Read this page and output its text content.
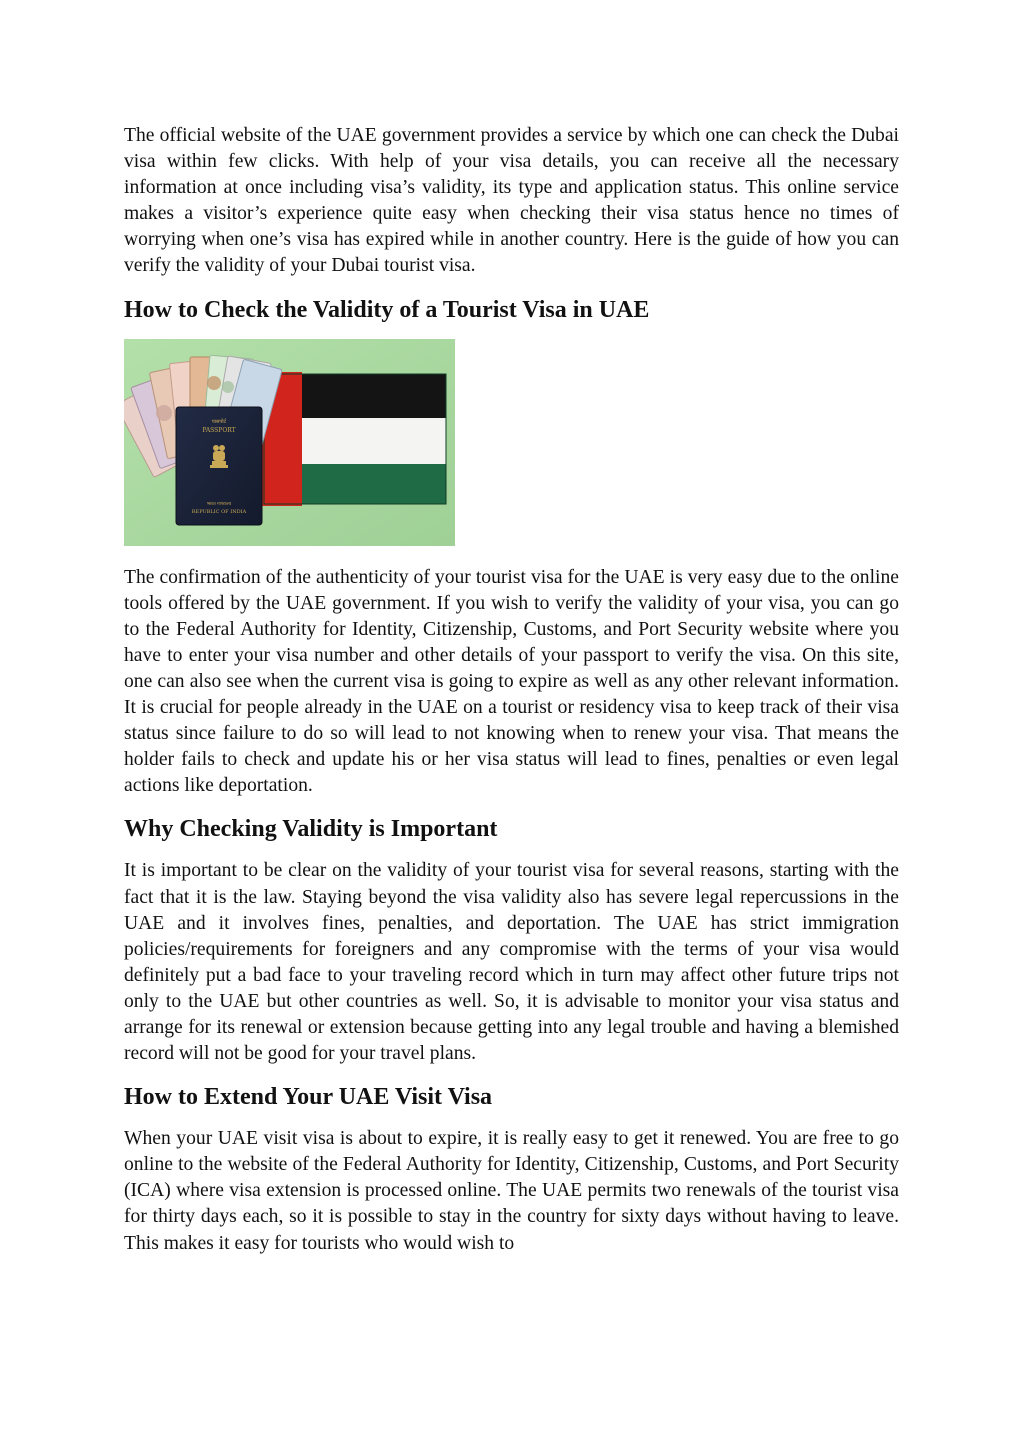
The official website of the UAE government provides a service by which one can check the Dubai visa within few clicks. With help of your visa details, you can receive all the necessary information at once including visa’s validity, its type and application status. This online service makes a visitor’s experience quite easy when checking their visa status hence no times of worrying when one’s visa has expired while in another country. Here is the guide of how you can verify the validity of your Dubai tourist visa.

How to Check the Validity of a Tourist Visa in UAE
पासपोर्ट
PASSPORT
भारत गणराज्य
REPUBLIC OF INDIA

The confirmation of the authenticity of your tourist visa for the UAE is very easy due to the online tools offered by the UAE government. If you wish to verify the validity of your visa, you can go to the Federal Authority for Identity, Citizenship, Customs, and Port Security website where you have to enter your visa number and other details of your passport to verify the visa. On this site, one can also see when the current visa is going to expire as well as any other relevant information. It is crucial for people already in the UAE on a tourist or residency visa to keep track of their visa status since failure to do so will lead to not knowing when to renew your visa. That means the holder fails to check and update his or her visa status will lead to fines, penalties or even legal actions like deportation.

Why Checking Validity is Important

It is important to be clear on the validity of your tourist visa for several reasons, starting with the fact that it is the law. Staying beyond the visa validity also has severe legal repercussions in the UAE and it involves fines, penalties, and deportation. The UAE has strict immigration policies/requirements for foreigners and any compromise with the terms of your visa would definitely put a bad face to your traveling record which in turn may affect other future trips not only to the UAE but other countries as well. So, it is advisable to monitor your visa status and arrange for its renewal or extension because getting into any legal trouble and having a blemished record will not be good for your travel plans.

How to Extend Your UAE Visit Visa

When your UAE visit visa is about to expire, it is really easy to get it renewed. You are free to go online to the website of the Federal Authority for Identity, Citizenship, Customs, and Port Security (ICA) where visa extension is processed online. The UAE permits two renewals of the tourist visa for thirty days each, so it is possible to stay in the country for sixty days without having to leave. This makes it easy for tourists who would wish to
